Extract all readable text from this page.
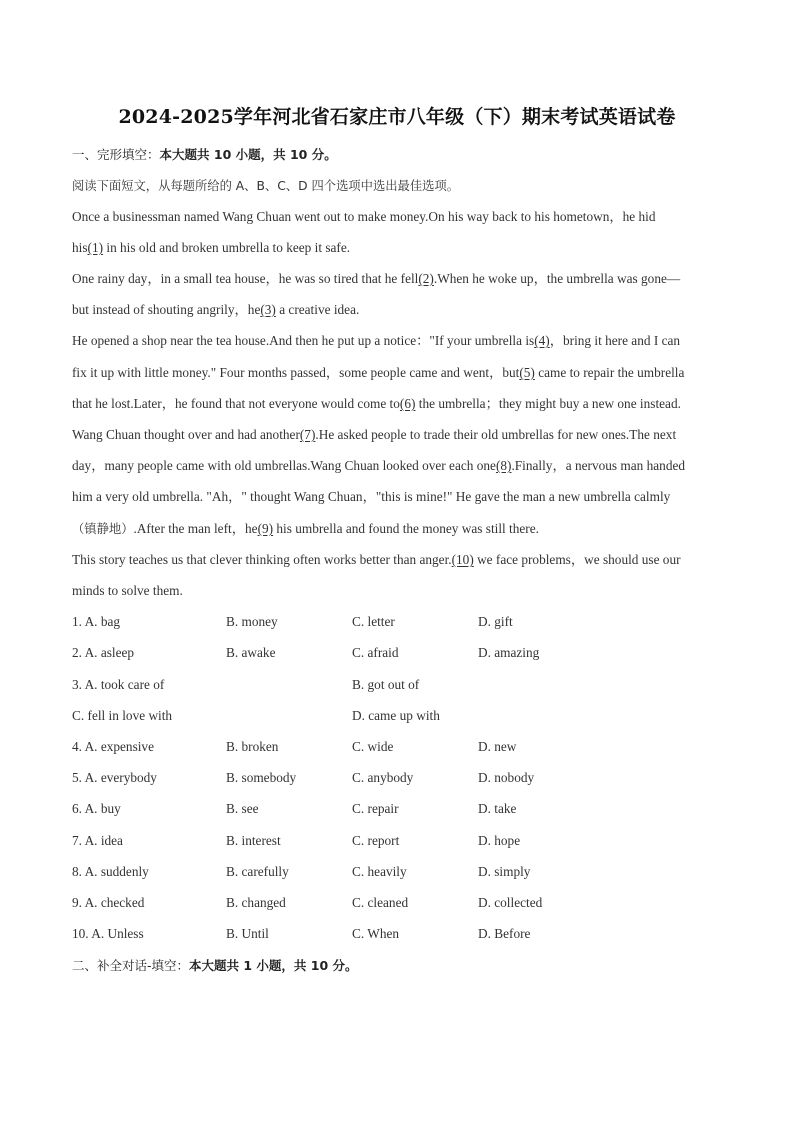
2024-2025学年河北省石家庄市八年级（下）期末考试英语试卷
一、完形填空：本大题共 10 小题，共 10 分。
阅读下面短文，从每题所给的 A、B、C、D 四个选项中选出最佳选项。
Once a businessman named Wang Chuan went out to make money.On his way back to his hometown，he hid
his(1) in his old and broken umbrella to keep it safe.
One rainy day，in a small tea house，he was so tired that he fell(2).When he woke up，the umbrella was gone—
but instead of shouting angrily，he(3) a creative idea.
He opened a shop near the tea house.And then he put up a notice："If your umbrella is(4)，bring it here and I can
fix it up with little money." Four months passed，some people came and went，but(5) came to repair the umbrella
that he lost.Later，he found that not everyone would come to(6) the umbrella；they might buy a new one instead.
Wang Chuan thought over and had another(7).He asked people to trade their old umbrellas for new ones.The next
day，many people came with old umbrellas.Wang Chuan looked over each one(8).Finally，a nervous man handed
him a very old umbrella. "Ah，" thought Wang Chuan，"this is mine!" He gave the man a new umbrella calmly
（镇静地）.After the man left，he(9) his umbrella and found the money was still there.
This story teaches us that clever thinking often works better than anger.(10) we face problems，we should use our
minds to solve them.
1. A. bag	B. money	C. letter	D. gift
2. A. asleep	B. awake	C. afraid	D. amazing
3. A. took care of	B. got out of
C. fell in love with	D. came up with
4. A. expensive	B. broken	C. wide	D. new
5. A. everybody	B. somebody	C. anybody	D. nobody
6. A. buy	B. see	C. repair	D. take
7. A. idea	B. interest	C. report	D. hope
8. A. suddenly	B. carefully	C. heavily	D. simply
9. A. checked	B. changed	C. cleaned	D. collected
10. A. Unless	B. Until	C. When	D. Before
二、补全对话-填空：本大题共 1 小题，共 10 分。
